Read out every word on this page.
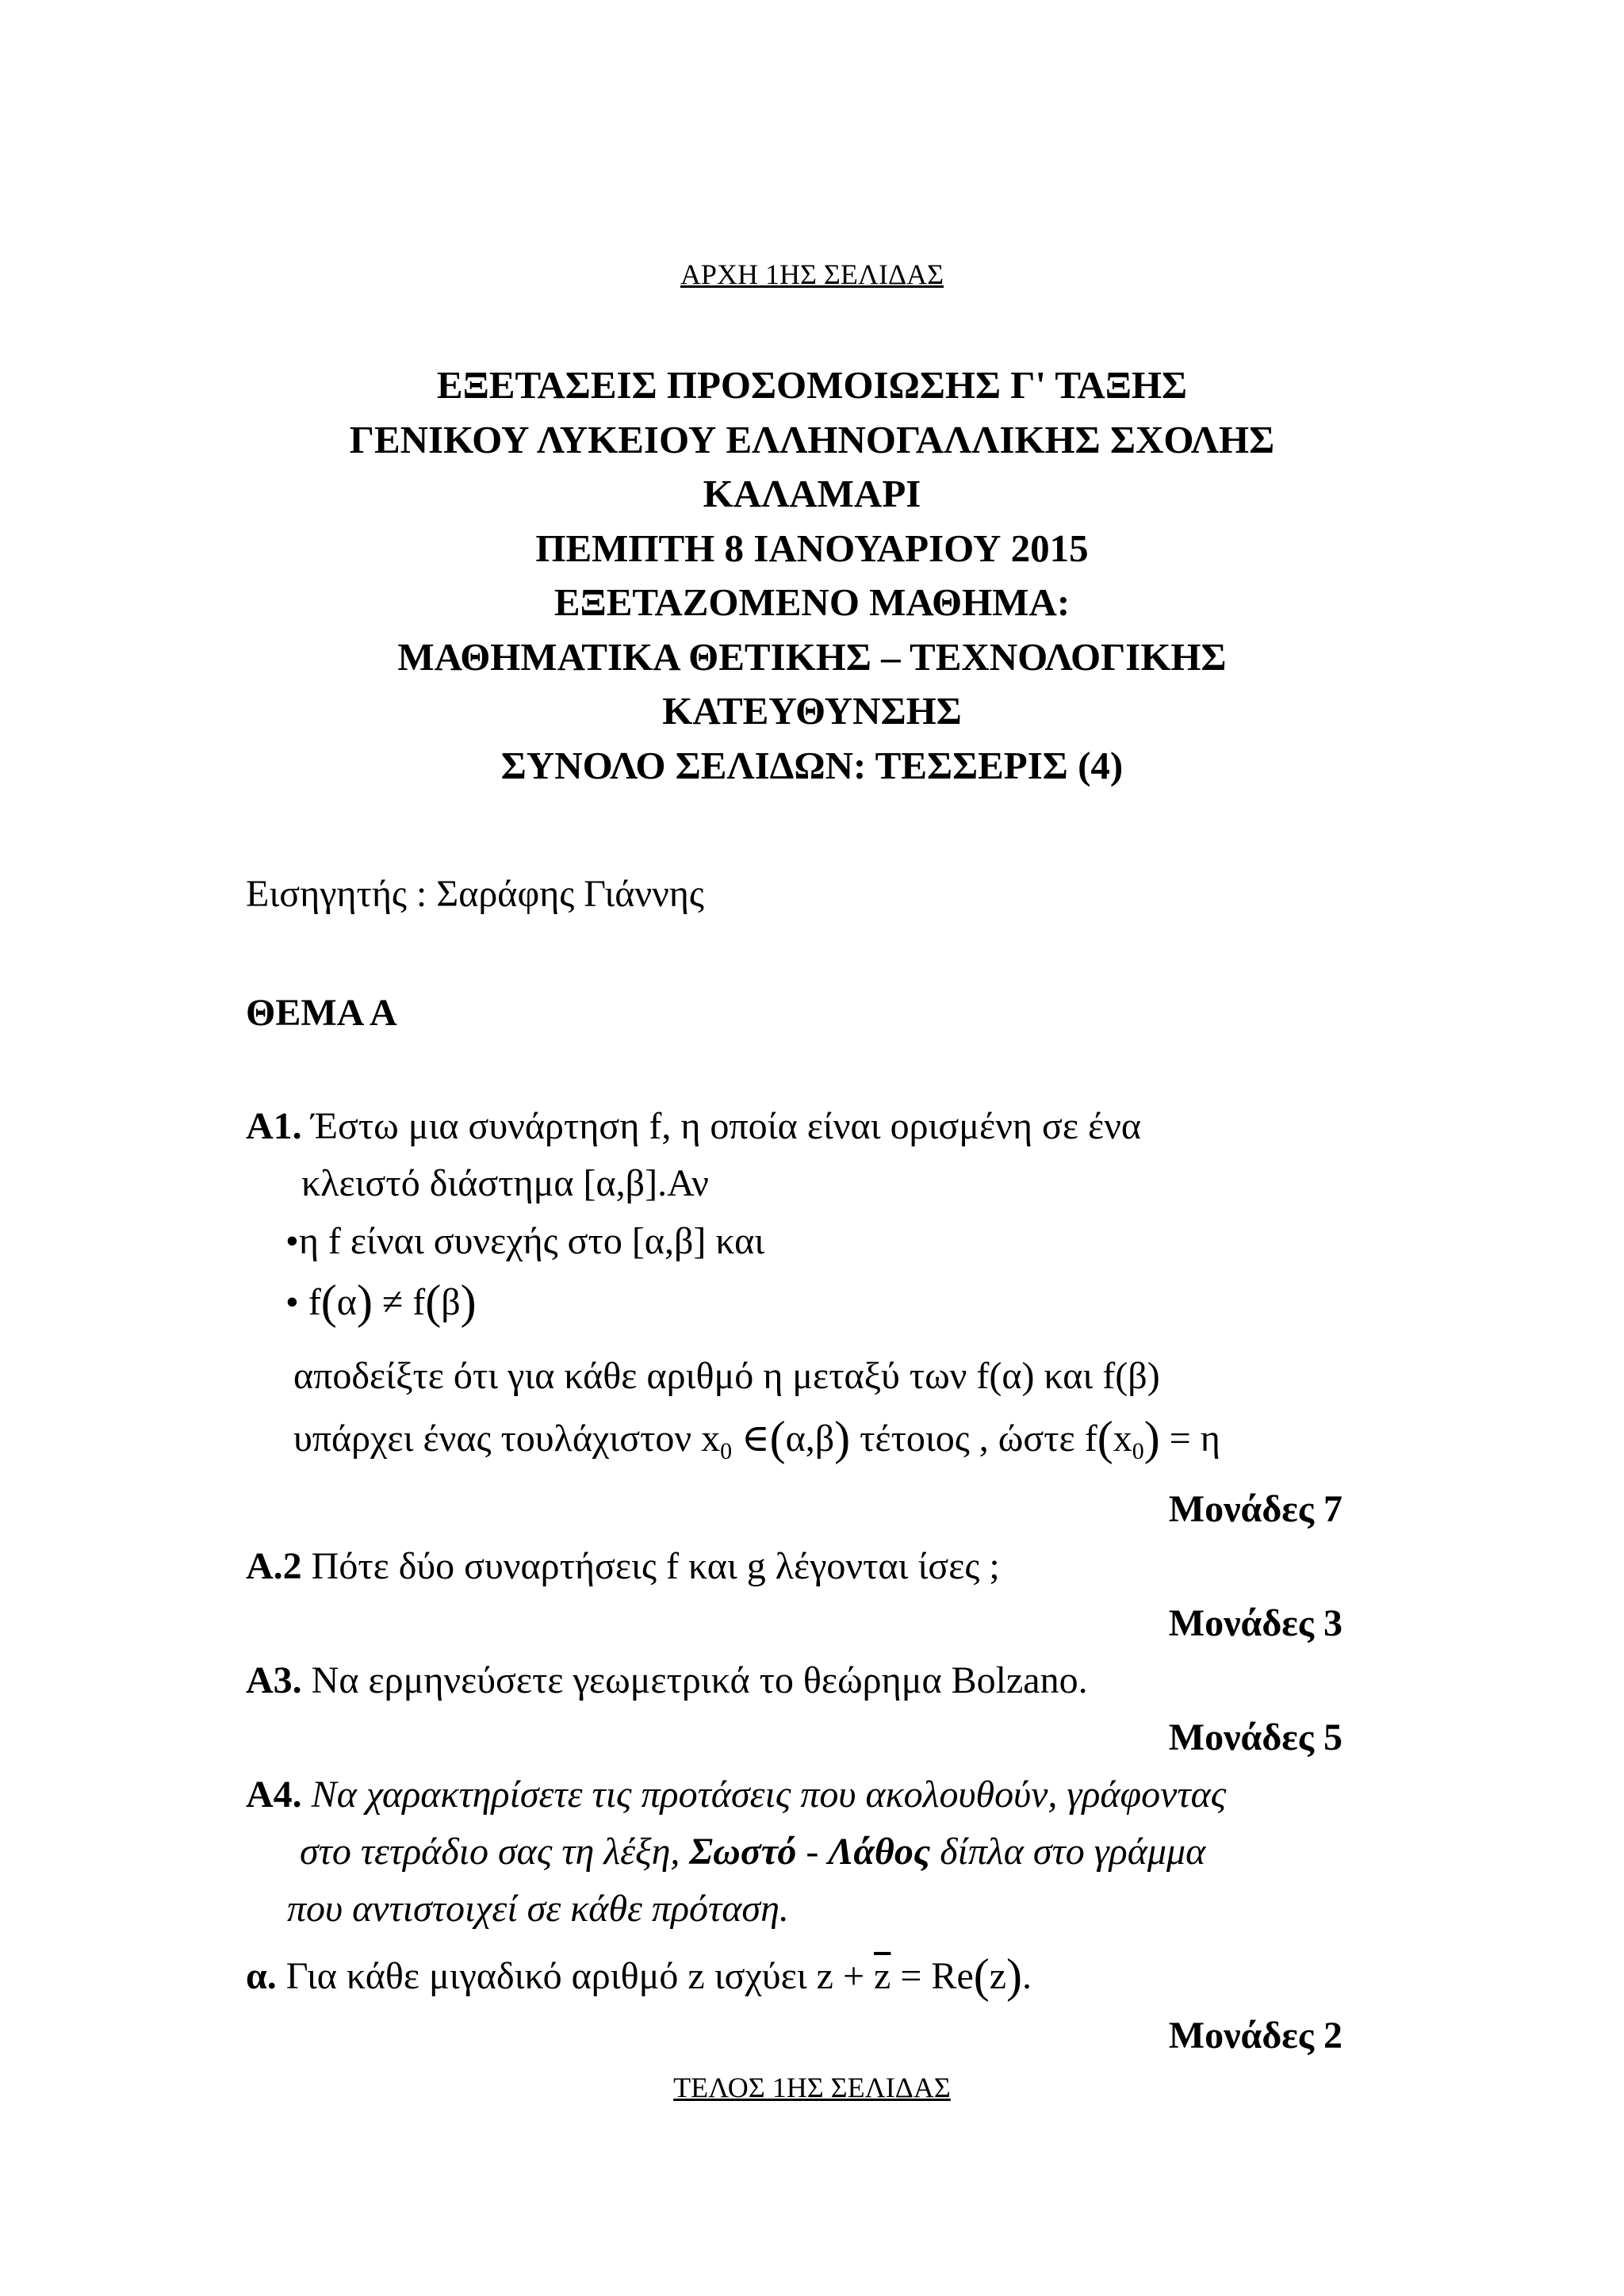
ΑΡΧΗ 1ΗΣ ΣΕΛΙΔΑΣ
ΕΞΕΤΑΣΕΙΣ ΠΡΟΣΟΜΟΙΩΣΗΣ Γ' ΤΑΞΗΣ
ΓΕΝΙΚΟΥ ΛΥΚΕΙΟΥ ΕΛΛΗΝΟΓΑΛΛΙΚΗΣ ΣΧΟΛΗΣ
ΚΑΛΑΜΑΡΙ
ΠΕΜΠΤΗ 8 ΙΑΝΟΥΑΡΙΟΥ 2015
ΕΞΕΤΑΖΟΜΕΝΟ ΜΑΘΗΜΑ:
ΜΑΘΗΜΑΤΙΚΑ ΘΕΤΙΚΗΣ – ΤΕΧΝΟΛΟΓΙΚΗΣ
ΚΑΤΕΥΘΥΝΣΗΣ
ΣΥΝΟΛΟ ΣΕΛΙΔΩΝ: ΤΕΣΣΕΡΙΣ (4)
Εισηγητής : Σαράφης Γιάννης
ΘΕΜΑ Α
Α1. Έστω μια συνάρτηση f, η οποία είναι ορισμένη σε ένα
κλειστό διάστημα [α,β].Αν
•η f είναι συνεχής στο [α,β] και
• f(α) ≠ f(β)
αποδείξτε ότι για κάθε αριθμό η μεταξύ των f(α) και f(β)
υπάρχει ένας τουλάχιστον $x_0$ ∈(α,β) τέτοιος , ώστε $f(x_0) = \eta$
Μονάδες 7
Α.2 Πότε δύο συναρτήσεις f και g λέγονται ίσες ;
Μονάδες 3
Α3. Να ερμηνεύσετε γεωμετρικά το θεώρημα Bolzano.
Μονάδες 5
Α4. Να χαρακτηρίσετε τις προτάσεις που ακολουθούν, γράφοντας
στο τετράδιο σας τη λέξη, Σωστό - Λάθος δίπλα στο γράμμα
που αντιστοιχεί σε κάθε πρόταση.
α. Για κάθε μιγαδικό αριθμό z ισχύει $z + \overline{z} = Re(z)$.
Μονάδες 2
ΤΕΛΟΣ 1ΗΣ ΣΕΛΙΔΑΣ
